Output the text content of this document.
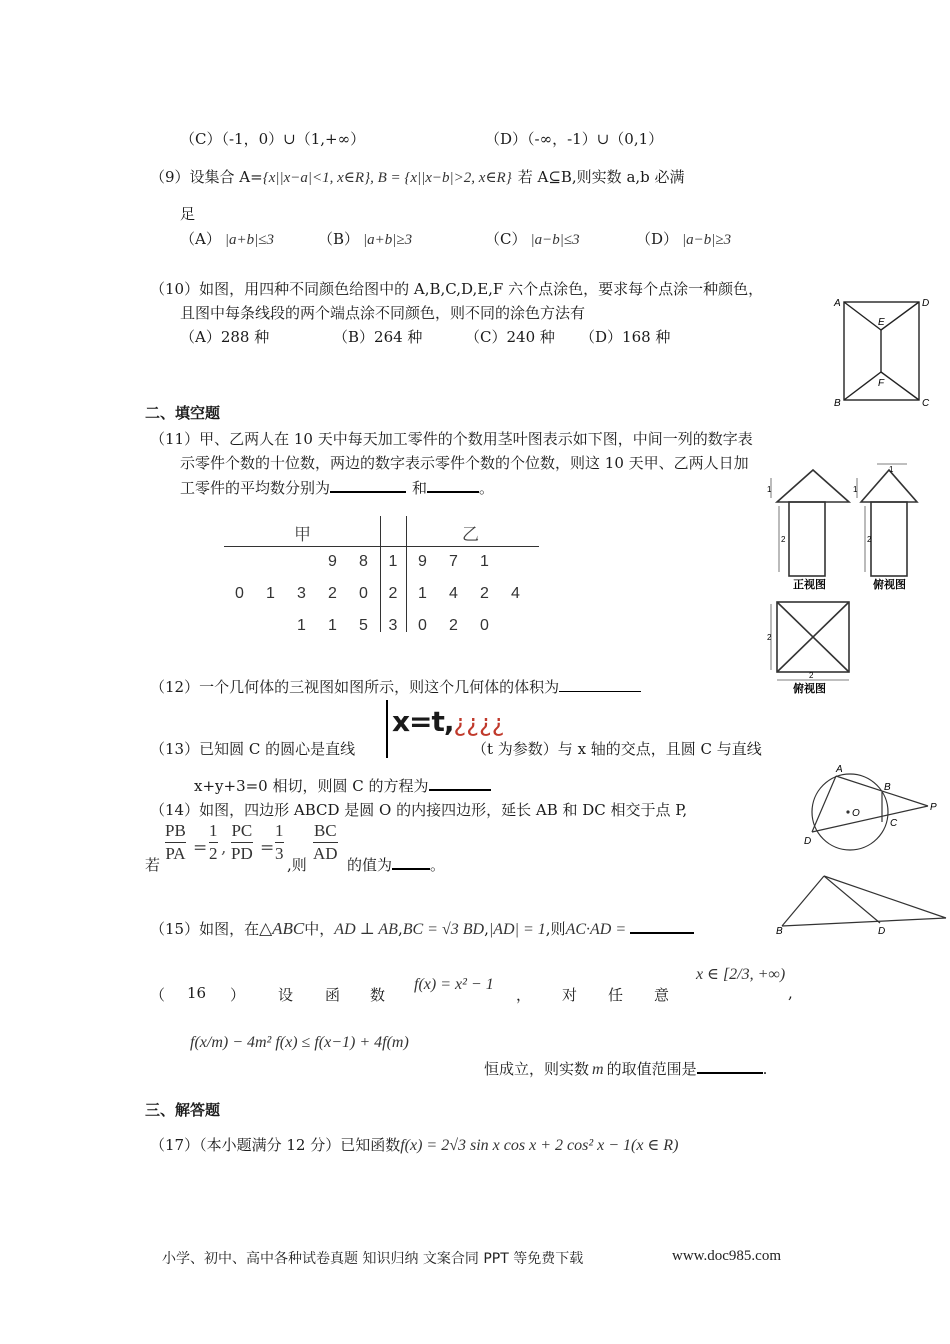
（C）（-1，0）∪（1,+∞）	（D）（-∞，-1）∪（0,1）
（9）设集合 A={x||x−a|<1, x∈R}, B = {x||x−b|>2, x∈R} 若 A⊆B,则实数 a,b 必满
足
（A） |a+b|≤3	（B） |a+b|≥3	（C） |a−b|≤3	（D） |a−b|≥3
（10）如图，用四种不同颜色给图中的 A,B,C,D,E,F 六个点涂色，要求每个点涂一种颜色，
且图中每条线段的两个端点涂不同颜色，则不同的涂色方法有
（A）288 种	（B）264 种	（C）240 种 （D）168 种
A	D
E
F
B	C
二、填空题
（11）甲、乙两人在 10 天中每天加工零件的个数用茎叶图表示如下图，中间一列的数字表
示零件个数的十位数，两边的数字表示零件个数的个位数，则这 10 天甲、乙两人日加
工零件的平均数分别为	和	。
甲	乙
			9	8	1	9	7	1	
0	1	3	2	0	2	1	4	2	4
		1	1	5	3	0	2	0	
1
2
1
2
1
2
2
正视图	俯视图
俯视图
（12）一个几何体的三视图如图所示，则这个几何体的体积为
（13）已知圆 C 的圆心是直线
x=t,¿¿¿¿
（t 为参数）与 x 轴的交点，且圆 C 与直线
x+y+3=0 相切，则圆 C 的方程为
（14）如图，四边形 ABCD 是圆 O 的内接四边形，延长 AB 和 DC 相交于点 P,
若 $\frac{PB}{PA} = \frac{1}{2}$ , $\frac{PC}{PD} = \frac{1}{3}$ ,则 $\frac{BC}{AD}$ 的值为	。
A
B
C
D
P
O
（15）如图，在△ABC中，AD ⊥ AB,BC = √3 BD,|AD| = 1,则AC·AD =	B	D
（ 16 ） 设 函 数
f(x) = x² − 1
， 对 任 意
x ∈ [2/3, +∞)
,
f(x/m) − 4m² f(x) ≤ f(x−1) + 4f(m)
恒成立，则实数 m 的取值范围是	.
三、解答题
（17）（本小题满分 12 分）已知函数f(x) = 2√3 sin x cos x + 2 cos² x − 1(x ∈ R)
小学、初中、高中各种试卷真题 知识归纳 文案合同 PPT 等免费下载	www.doc985.com
